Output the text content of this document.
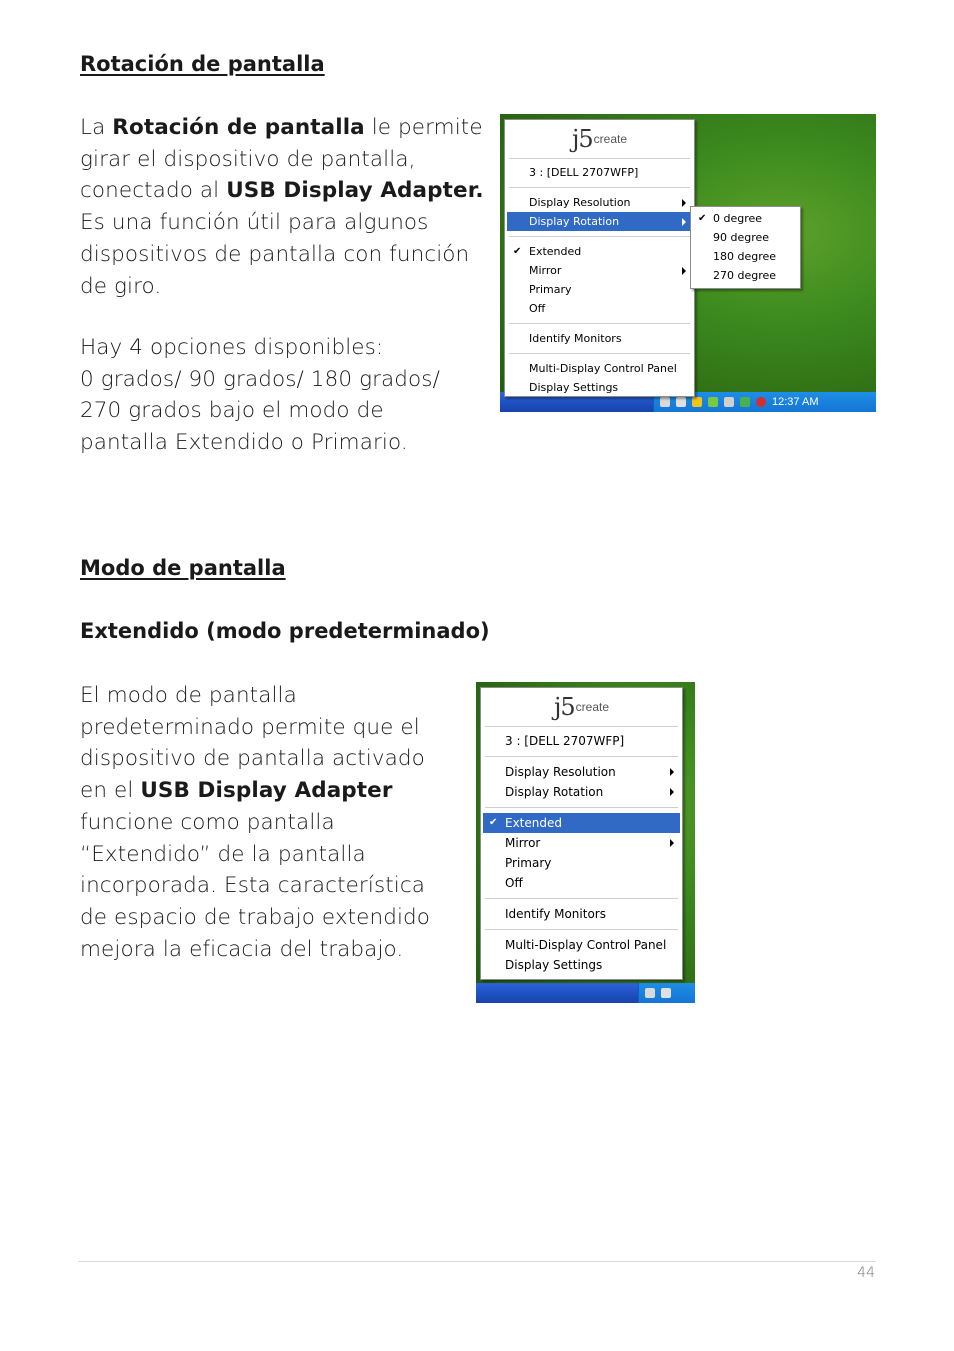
Rotación de pantalla
La Rotación de pantalla le permite
girar el dispositivo de pantalla,
conectado al USB Display Adapter.
Es una función útil para algunos
dispositivos de pantalla con función
de giro.
Hay 4 opciones disponibles:
0 grados/ 90 grados/ 180 grados/
270 grados bajo el modo de
pantalla Extendido o Primario.
12:37 AM
j5 create
3 : [DELL 2707WFP]
Display Resolution
Display Rotation
✔ Extended
Mirror
Primary
Off
Identify Monitors
Multi-Display Control Panel
Display Settings
✔ 0 degree
90 degree
180 degree
270 degree
Modo de pantalla
Extendido (modo predeterminado)
El modo de pantalla
predeterminado permite que el
dispositivo de pantalla activado
en el USB Display Adapter
funcione como pantalla
“Extendido” de la pantalla
incorporada. Esta característica
de espacio de trabajo extendido
mejora la eficacia del trabajo.
j5 create
3 : [DELL 2707WFP]
Display Resolution
Display Rotation
✔ Extended
Mirror
Primary
Off
Identify Monitors
Multi-Display Control Panel
Display Settings
44
